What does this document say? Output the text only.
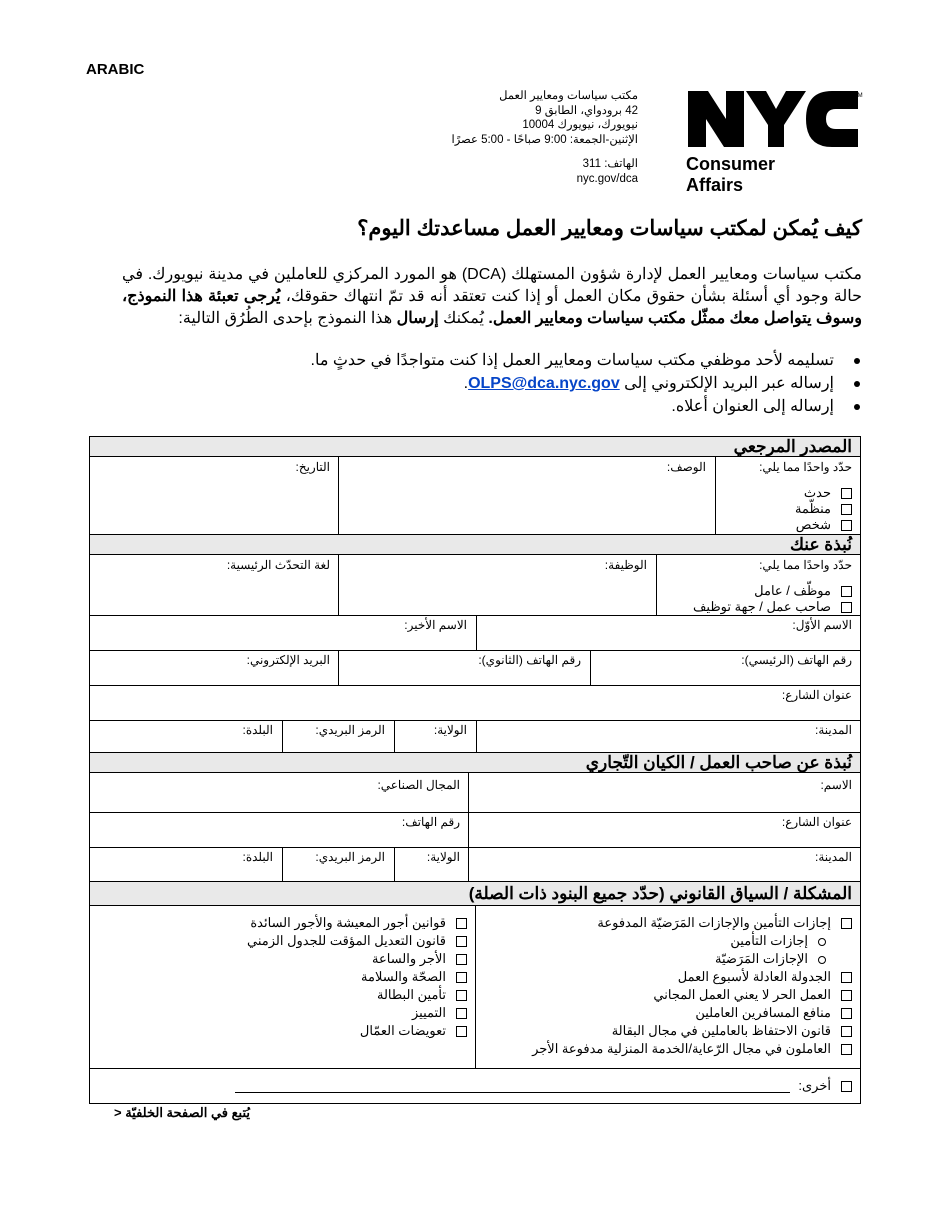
ARABIC
مكتب سياسات ومعايير العمل
42 برودواي، الطابق 9
نيويورك، نيويورك 10004
الإثنين-الجمعة: 9:00 صباحًا - 5:00 عصرًا
الهاتف: 311
nyc.gov/dca
TM
Consumer
Affairs
كيف يُمكن لمكتب سياسات ومعايير العمل مساعدتك اليوم؟
مكتب سياسات ومعايير العمل لإدارة شؤون المستهلك (DCA) هو المورد المركزي للعاملين في مدينة نيويورك. في حالة وجود أي أسئلة بشأن حقوق مكان العمل أو إذا كنت تعتقد أنه قد تمّ انتهاك حقوقك، يُرجى تعبئة هذا النموذج، وسوف يتواصل معك ممثّل مكتب سياسات ومعايير العمل. يُمكنك إرسال هذا النموذج بإحدى الطُرُق التالية:
تسليمه لأحد موظفي مكتب سياسات ومعايير العمل إذا كنت متواجدًا في حدثٍ ما.
إرساله عبر البريد الإلكتروني إلى OLPS@dca.nyc.gov.
إرساله إلى العنوان أعلاه.
المصدر المرجعي
حدّد واحدًا مما يلي:
حدث
منظّمة
شخص
الوصف:
التاريخ:
نُبذة عنك
حدّد واحدًا مما يلي:
موظّف / عامل
صاحب عمل / جهة توظيف
الوظيفة:
لغة التحدّث الرئيسية:
الاسم الأوّل:
الاسم الأخير:
رقم الهاتف (الرئيسي):
رقم الهاتف (الثانوي):
البريد الإلكتروني:
عنوان الشارع:
المدينة:
الولاية:
الرمز البريدي:
البلدة:
نُبذة عن صاحب العمل / الكيان التّجاري
الاسم:
المجال الصناعي:
عنوان الشارع:
رقم الهاتف:
المدينة:
الولاية:
الرمز البريدي:
البلدة:
المشكلة / السياق القانوني (حدّد جميع البنود ذات الصلة)
إجازات التأمين والإجازات المَرَضيّة المدفوعة
إجازات التأمين
الإجازات المَرَضيّة
الجدولة العادلة لأسبوع العمل
العمل الحر لا يعني العمل المجاني
منافع المسافرين العاملين
قانون الاحتفاظ بالعاملين في مجال البقالة
العاملون في مجال الرّعاية/الخدمة المنزلية مدفوعة الأجر
قوانين أجور المعيشة والأجور السائدة
قانون التعديل المؤقت للجدول الزمني
الأجر والساعة
الصحّة والسلامة
تأمين البطالة
التمييز
تعويضات العمّال
أخرى:
يُتبع في الصفحة الخلفيّة <
